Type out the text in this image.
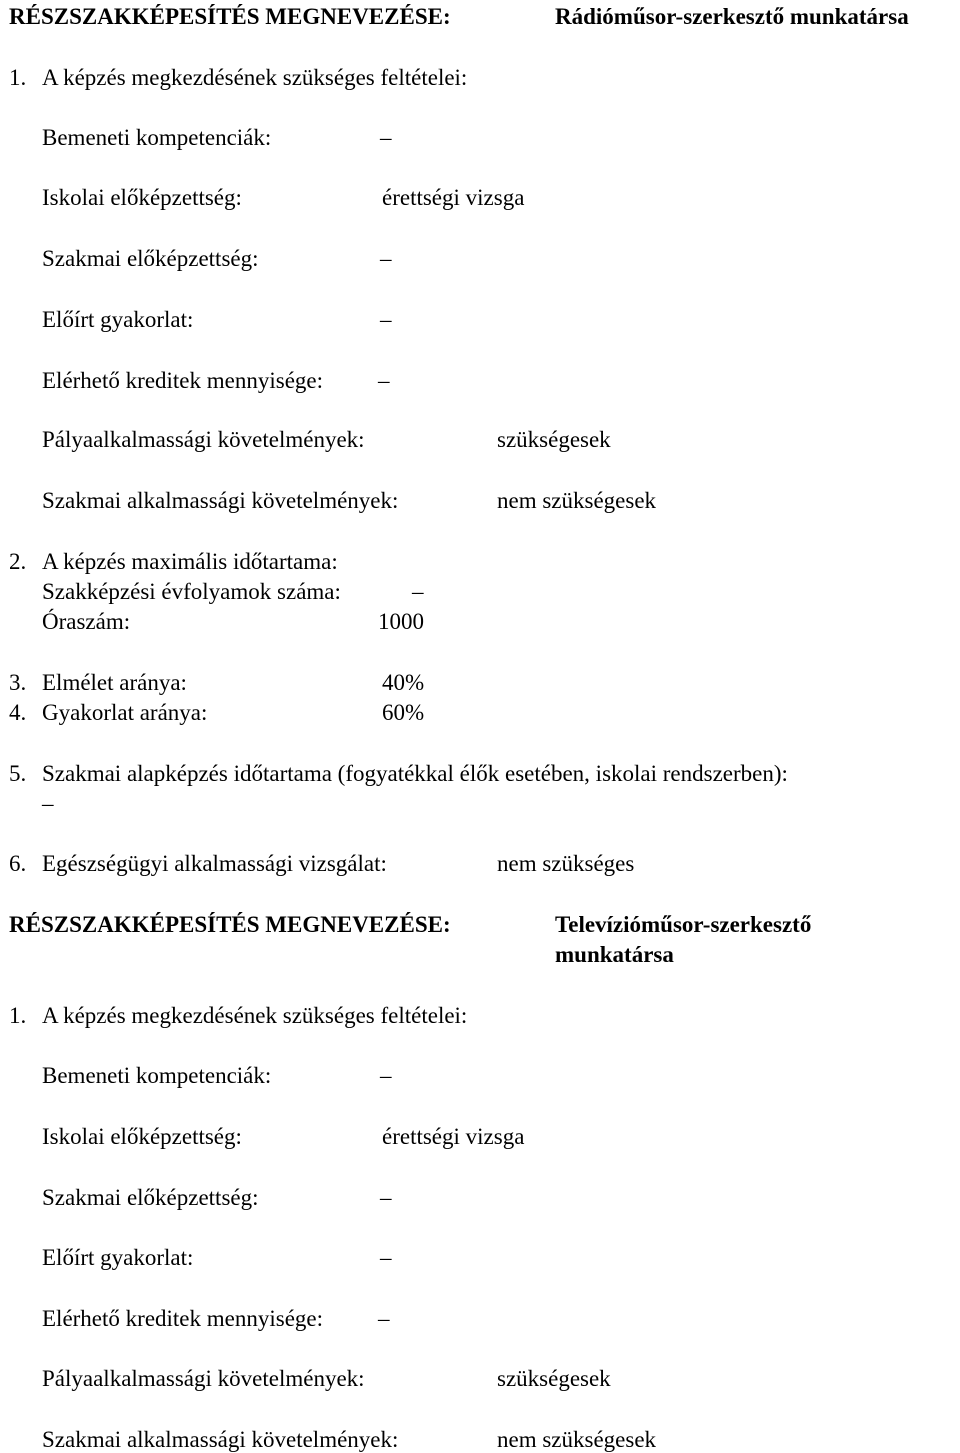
RÉSZSZAKKÉPESÍTÉS MEGNEVEZÉSE:	Rádióműsor-szerkesztő munkatársa
1. A képzés megkezdésének szükséges feltételei:
Bemeneti kompetenciák:	–
Iskolai előképzettség:	érettségi vizsga
Szakmai előképzettség:	–
Előírt gyakorlat:	–
Elérhető kreditek mennyisége: –
Pályaalkalmassági követelmények:	szükségesek
Szakmai alkalmassági követelmények:	nem szükségesek
2. A képzés maximális időtartama:
Szakképzési évfolyamok száma:	–
Óraszám:	1000
3. Elmélet aránya:	40%
4. Gyakorlat aránya:	60%
5. Szakmai alapképzés időtartama (fogyatékkal élők esetében, iskolai rendszerben):
–
6. Egészségügyi alkalmassági vizsgálat:	nem szükséges
RÉSZSZAKKÉPESÍTÉS MEGNEVEZÉSE:	Televízióműsor-szerkesztő
munkatársa
1. A képzés megkezdésének szükséges feltételei:
Bemeneti kompetenciák:	–
Iskolai előképzettség:	érettségi vizsga
Szakmai előképzettség:	–
Előírt gyakorlat:	–
Elérhető kreditek mennyisége: –
Pályaalkalmassági követelmények:	szükségesek
Szakmai alkalmassági követelmények:	nem szükségesek
